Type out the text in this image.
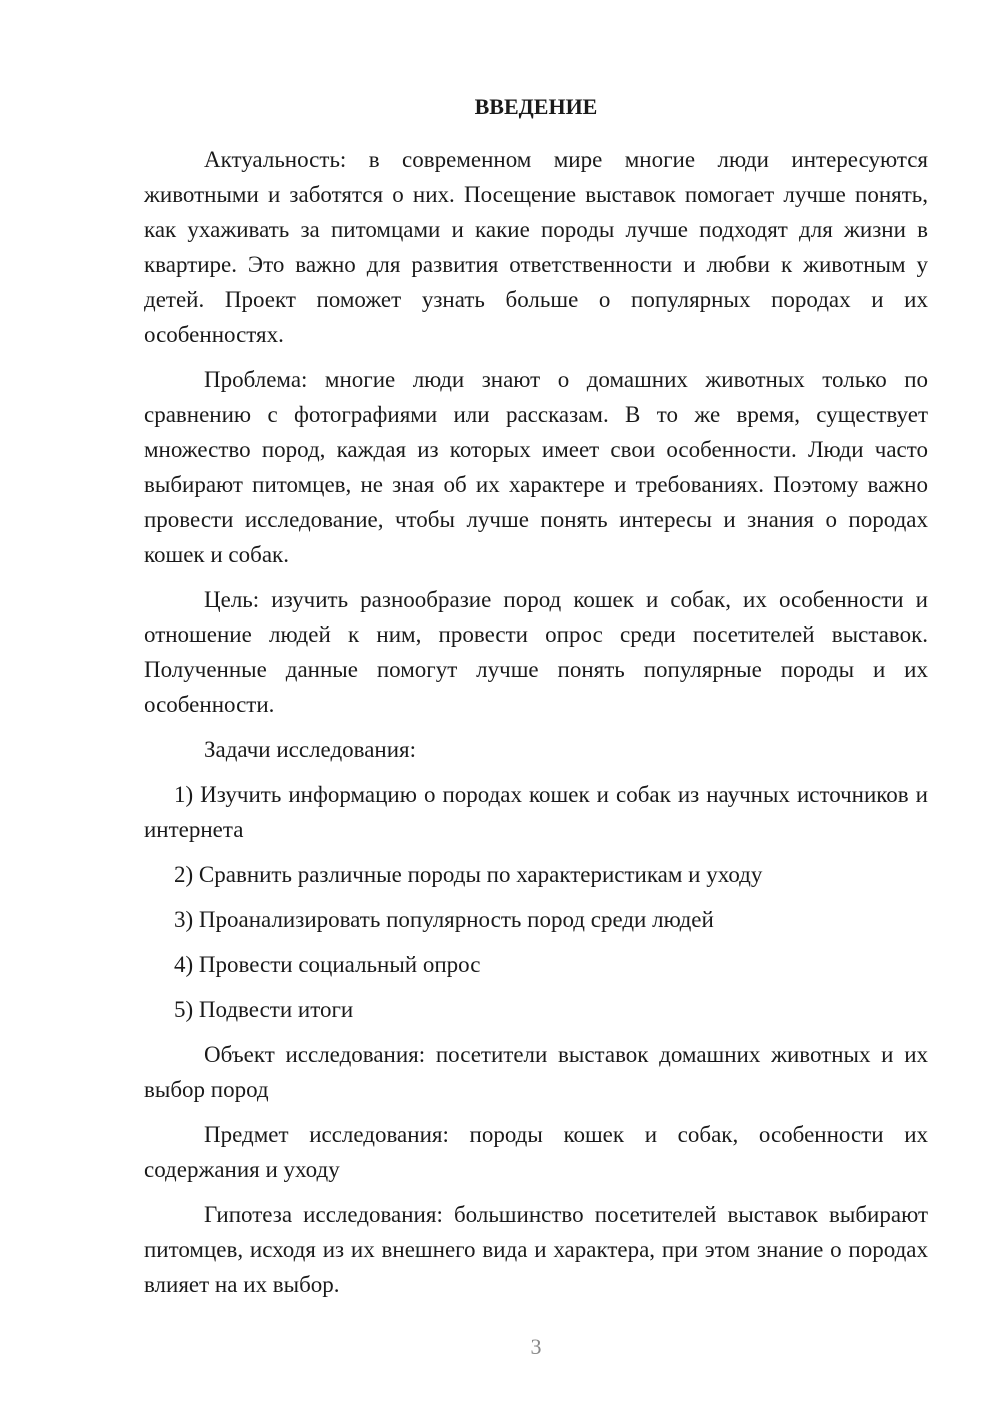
ВВЕДЕНИЕ

Актуальность: в современном мире многие люди интересуются животными и заботятся о них. Посещение выставок помогает лучше понять, как ухаживать за питомцами и какие породы лучше подходят для жизни в квартире. Это важно для развития ответственности и любви к животным у детей. Проект поможет узнать больше о популярных породах и их особенностях.

Проблема: многие люди знают о домашних животных только по сравнению с фотографиями или рассказам. В то же время, существует множество пород, каждая из которых имеет свои особенности. Люди часто выбирают питомцев, не зная об их характере и требованиях. Поэтому важно провести исследование, чтобы лучше понять интересы и знания о породах кошек и собак.

Цель: изучить разнообразие пород кошек и собак, их особенности и отношение людей к ним, провести опрос среди посетителей выставок. Полученные данные помогут лучше понять популярные породы и их особенности.

Задачи исследования:

1) Изучить информацию о породах кошек и собак из научных источников и интернета

2) Сравнить различные породы по характеристикам и уходу

3) Проанализировать популярность пород среди людей

4) Провести социальный опрос

5) Подвести итоги

Объект исследования: посетители выставок домашних животных и их выбор пород

Предмет исследования: породы кошек и собак, особенности их содержания и уходу

Гипотеза исследования: большинство посетителей выставок выбирают питомцев, исходя из их внешнего вида и характера, при этом знание о породах влияет на их выбор.

3
